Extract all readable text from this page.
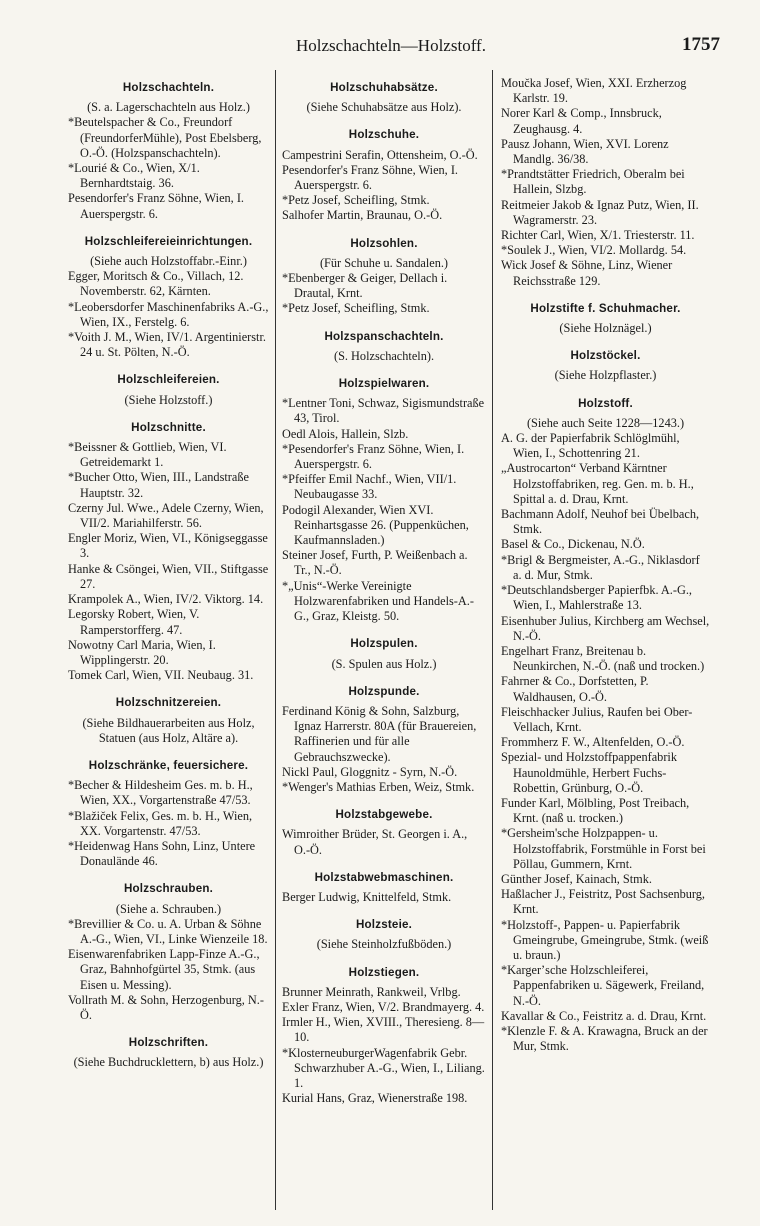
Holzschachteln—Holzstoff.	1757
Holzschachteln.
(S. a. Lagerschachteln aus Holz.)
*Beutelspacher & Co., Freundorf (FreundorferMühle), Post Ebelsberg, O.-Ö. (Holzspanschachteln).
*Lourié & Co., Wien, X/1. Bernhardtstaig. 36.
Pesendorfer's Franz Söhne, Wien, I. Auerspergstr. 6.
Holzschleifereieinrichtungen.
(Siehe auch Holzstoffabr.-Einr.)
Egger, Moritsch & Co., Villach, 12. Novemberstr. 62, Kärnten.
*Leobersdorfer Maschinenfabriks A.-G., Wien, IX., Ferstelg. 6.
*Voith J. M., Wien, IV/1. Argentinierstr. 24 u. St. Pölten, N.-Ö.
Holzschleifereien.
(Siehe Holzstoff.)
Holzschnitte.
*Beissner & Gottlieb, Wien, VI. Getreidemarkt 1.
*Bucher Otto, Wien, III., Landstraße Hauptstr. 32.
Czerny Jul. Wwe., Adele Czerny, Wien, VII/2. Mariahilferstr. 56.
Engler Moriz, Wien, VI., Königseggasse 3.
Hanke & Csöngei, Wien, VII., Stiftgasse 27.
Krampolek A., Wien, IV/2. Viktorg. 14.
Legorsky Robert, Wien, V. Ramperstorfferg. 47.
Nowotny Carl Maria, Wien, I. Wipplingerstr. 20.
Tomek Carl, Wien, VII. Neubaug. 31.
Holzschnitzereien.
(Siehe Bildhauerarbeiten aus Holz, Statuen (aus Holz, Altäre a).
Holzschränke, feuersichere.
*Becher & Hildesheim Ges. m. b. H., Wien, XX., Vorgartenstraße 47/53.
*Blažiček Felix, Ges. m. b. H., Wien, XX. Vorgartenstr. 47/53.
*Heidenwag Hans Sohn, Linz, Untere Donaulände 46.
Holzschrauben.
(Siehe a. Schrauben.)
*Brevillier & Co. u. A. Urban & Söhne A.-G., Wien, VI., Linke Wienzeile 18.
Eisenwarenfabriken Lapp-Finze A.-G., Graz, Bahnhofgürtel 35, Stmk. (aus Eisen u. Messing).
Vollrath M. & Sohn, Herzogenburg, N.-Ö.
Holzschriften.
(Siehe Buchdrucklettern, b) aus Holz.)
Holzschuhabsätze.
(Siehe Schuhabsätze aus Holz).
Holzschuhe.
Campestrini Serafin, Ottensheim, O.-Ö.
Pesendorfer's Franz Söhne, Wien, I. Auerspergstr. 6.
*Petz Josef, Scheifling, Stmk.
Salhofer Martin, Braunau, O.-Ö.
Holzsohlen.
(Für Schuhe u. Sandalen.)
*Ebenberger & Geiger, Dellach i. Drautal, Krnt.
*Petz Josef, Scheifling, Stmk.
Holzspanschachteln.
(S. Holzschachteln).
Holzspielwaren.
*Lentner Toni, Schwaz, Sigismundstraße 43, Tirol.
Oedl Alois, Hallein, Slzb.
*Pesendorfer's Franz Söhne, Wien, I. Auerspergstr. 6.
*Pfeiffer Emil Nachf., Wien, VII/1. Neubaugasse 33.
Podogil Alexander, Wien XVI. Reinhartsgasse 26. (Puppenküchen, Kaufmannsladen.)
Steiner Josef, Furth, P. Weißenbach a. Tr., N.-Ö.
*„Unis“-Werke Vereinigte Holzwarenfabriken und Handels-A.-G., Graz, Kleistg. 50.
Holzspulen.
(S. Spulen aus Holz.)
Holzspunde.
Ferdinand König & Sohn, Salzburg, Ignaz Harrerstr. 80A (für Brauereien, Raffinerien und für alle Gebrauchszwecke).
Nickl Paul, Gloggnitz - Syrn, N.-Ö.
*Wenger's Mathias Erben, Weiz, Stmk.
Holzstabgewebe.
Wimroither Brüder, St. Georgen i. A., O.-Ö.
Holzstabwebmaschinen.
Berger Ludwig, Knittelfeld, Stmk.
Holzsteie.
(Siehe Steinholzfußböden.)
Holzstiegen.
Brunner Meinrath, Rankweil, Vrlbg.
Exler Franz, Wien, V/2. Brandmayerg. 4.
Irmler H., Wien, XVIII., Theresieng. 8—10.
*KlosterneuburgerWagenfabrik Gebr. Schwarzhuber A.-G., Wien, I., Liliang. 1.
Kurial Hans, Graz, Wienerstraße 198.
Moučka Josef, Wien, XXI. Erzherzog Karlstr. 19.
Norer Karl & Comp., Innsbruck, Zeughausg. 4.
Pausz Johann, Wien, XVI. Lorenz Mandlg. 36/38.
*Prandtstätter Friedrich, Oberalm bei Hallein, Slzbg.
Reitmeier Jakob & Ignaz Putz, Wien, II. Wagramerstr. 23.
Richter Carl, Wien, X/1. Triesterstr. 11.
*Soulek J., Wien, VI/2. Mollardg. 54.
Wick Josef & Söhne, Linz, Wiener Reichsstraße 129.
Holzstifte f. Schuhmacher.
(Siehe Holznägel.)
Holzstöckel.
(Siehe Holzpflaster.)
Holzstoff.
(Siehe auch Seite 1228—1243.)
A. G. der Papierfabrik Schlöglmühl, Wien, I., Schottenring 21.
„Austrocarton“ Verband Kärntner Holzstoffabriken, reg. Gen. m. b. H., Spittal a. d. Drau, Krnt.
Bachmann Adolf, Neuhof bei Übelbach, Stmk.
Basel & Co., Dickenau, N.Ö.
*Brigl & Bergmeister, A.-G., Niklasdorf a. d. Mur, Stmk.
*Deutschlandsberger Papierfbk. A.-G., Wien, I., Mahlerstraße 13.
Eisenhuber Julius, Kirchberg am Wechsel, N.-Ö.
Engelhart Franz, Breitenau b. Neunkirchen, N.-Ö. (naß und trocken.)
Fahrner & Co., Dorfstetten, P. Waldhausen, O.-Ö.
Fleischhacker Julius, Raufen bei Ober-Vellach, Krnt.
Frommherz F. W., Altenfelden, O.-Ö.
Spezial- und Holzstoffpappenfabrik Haunoldmühle, Herbert Fuchs-Robettin, Grünburg, O.-Ö.
Funder Karl, Mölbling, Post Treibach, Krnt. (naß u. trocken.)
*Gersheim'sche Holzpappen- u. Holzstoffabrik, Forstmühle in Forst bei Pöllau, Gummern, Krnt.
Günther Josef, Kainach, Stmk.
Haßlacher J., Feistritz, Post Sachsenburg, Krnt.
*Holzstoff-, Pappen- u. Papierfabrik Gmeingrube, Gmeingrube, Stmk. (weiß u. braun.)
*Kargerʼsche Holzschleiferei, Pappenfabriken u. Sägewerk, Freiland, N.-Ö.
Kavallar & Co., Feistritz a. d. Drau, Krnt.
*Klenzle F. & A. Krawagna, Bruck an der Mur, Stmk.
